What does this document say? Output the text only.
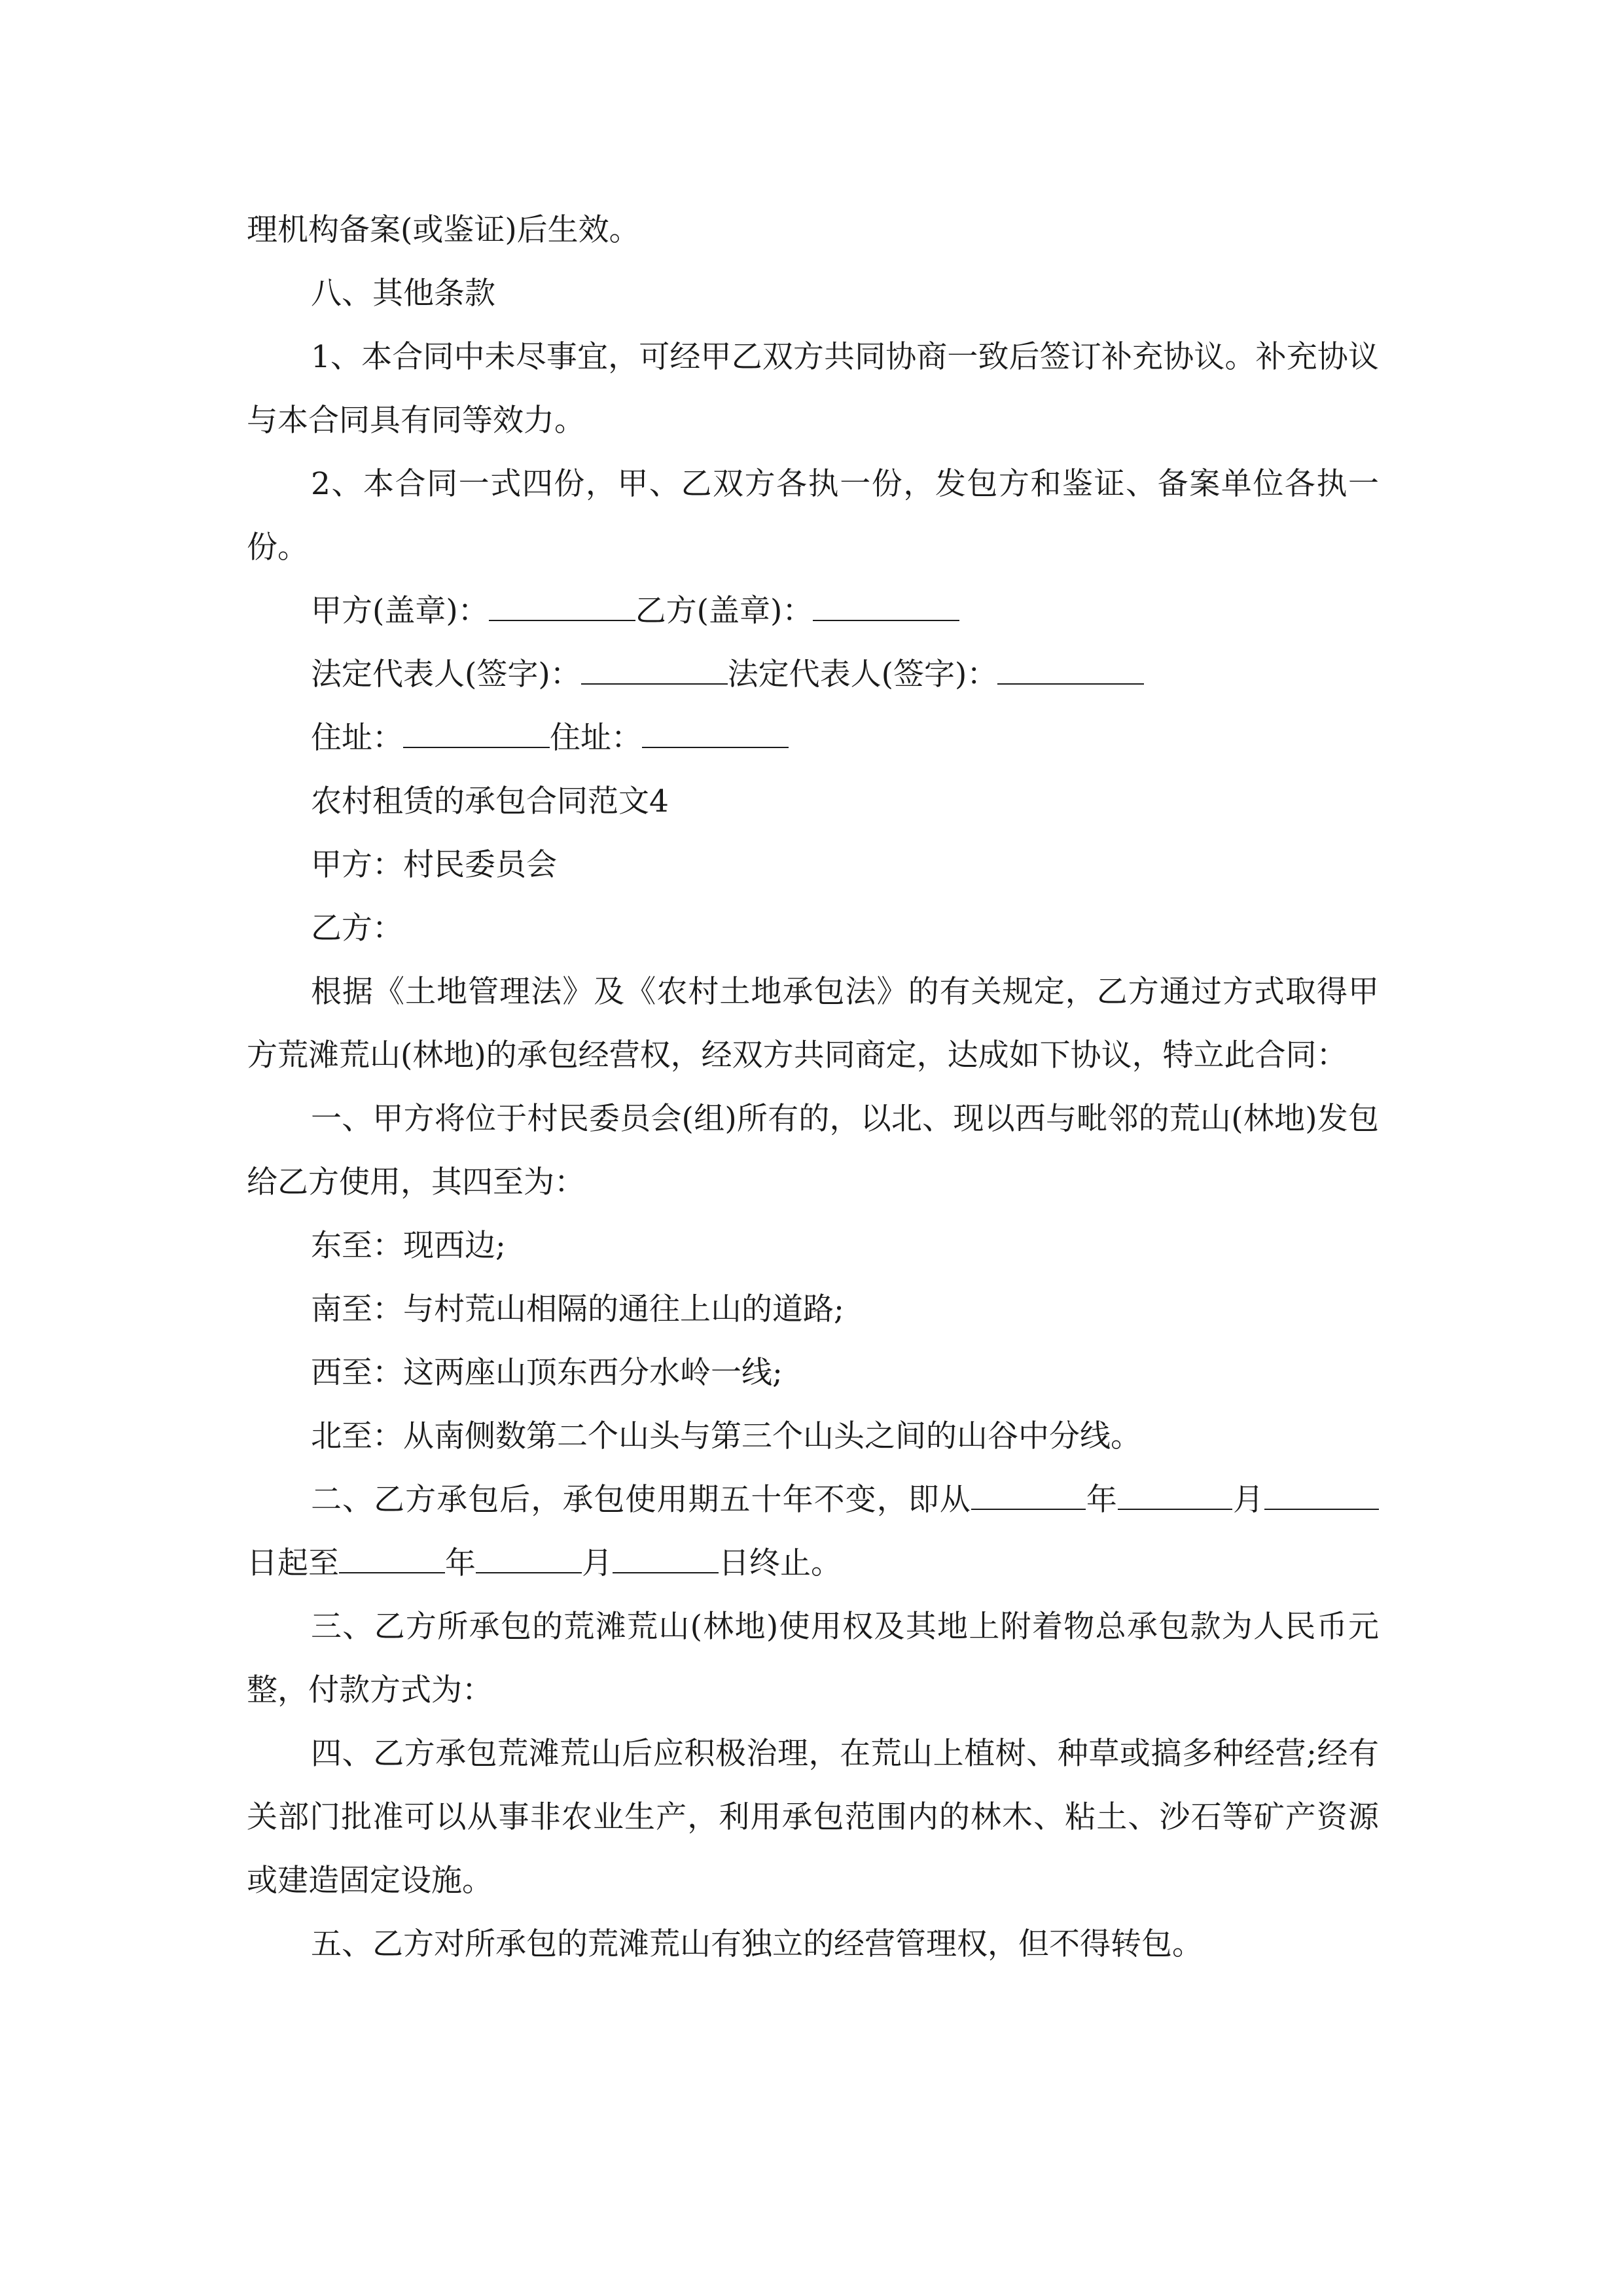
理机构备案(或鉴证)后生效。

八、其他条款

1、本合同中未尽事宜，可经甲乙双方共同协商一致后签订补充协议。补充协议与本合同具有同等效力。

2、本合同一式四份，甲、乙双方各执一份，发包方和鉴证、备案单位各执一份。

甲方(盖章)：	乙方(盖章)：

法定代表人(签字)：	法定代表人(签字)：

住址：	住址：

农村租赁的承包合同范文4

甲方：村民委员会

乙方：

根据《土地管理法》及《农村土地承包法》的有关规定，乙方通过方式取得甲方荒滩荒山(林地)的承包经营权，经双方共同商定，达成如下协议，特立此合同：

一、甲方将位于村民委员会(组)所有的，以北、现以西与毗邻的荒山(林地)发包给乙方使用，其四至为：

东至：现西边;

南至：与村荒山相隔的通往上山的道路;

西至：这两座山顶东西分水岭一线;

北至：从南侧数第二个山头与第三个山头之间的山谷中分线。

二、乙方承包后，承包使用期五十年不变，即从	年	月日起至	年	月	日终止。

三、乙方所承包的荒滩荒山(林地)使用权及其地上附着物总承包款为人民币元整，付款方式为：

四、乙方承包荒滩荒山后应积极治理，在荒山上植树、种草或搞多种经营;经有关部门批准可以从事非农业生产，利用承包范围内的林木、粘土、沙石等矿产资源或建造固定设施。

五、乙方对所承包的荒滩荒山有独立的经营管理权，但不得转包。
